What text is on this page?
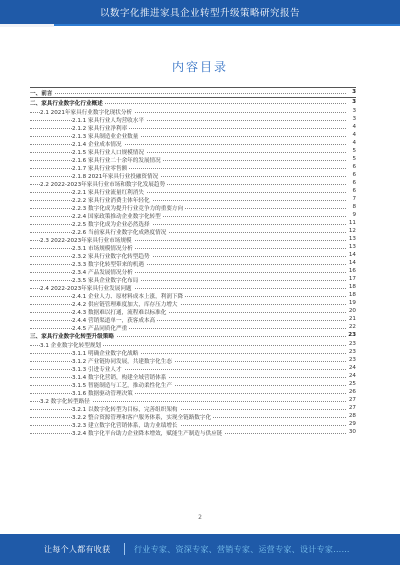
以数字化推进家具企业转型升级策略研究报告
内容目录
一、前言	3
二、家具行业数字化行业概述	3
2.1 2021年家具行业数字化现状分析	3
2.1.1 家具行业人均营收水平	3
2.1.2 家具行业净利率	4
2.1.3 家具制造业企业数量	4
2.1.4 企业成本情况	4
2.1.5 家具行业人口规模情况	5
2.1.6 家具行业二十余年的发展情况	5
2.1.7 家具行业零售额	6
2.1.8 2021年家具行业投融资情况	6
2.2 2022-2023年家具行业市场和数字化发展趋势	6
2.2.1 家具行业流量红利消失	6
2.2.2 家具行业消费主体年轻化	7
2.2.3 数字化成为提升行业竞争力的重要方向	8
2.2.4 国家政策推动企业数字化转型	9
2.2.5 数字化成为企业必然选择	11
2.2.6 当前家具行业数字化成熟度情况	12
2.3 2022-2023年家具行业市场规模	13
2.3.1 市场规模情况分析	13
2.3.2 家具行业数字化转型趋势	14
2.3.3 数字化转型带来的机遇	14
2.3.4 产品发展情况分析	16
2.3.5 家具企业数字化布局	17
2.4 2022-2023年家具行业发展问题	18
2.4.1 企业人力、原材料成本上涨，利润下降	18
2.4.2 供应链管理难度加大，库存压力增大	19
2.4.3 数据难以打通，流程难以标准化	20
2.4.4 营销渠道单一，获客成本高	21
2.4.5 产品同质化严重	22
三、家具行业数字化转型升级策略	23
3.1 企业数字化转型规划	23
3.1.1 明确企业数字化战略	23
3.1.2 产业链协同发展，共建数字化生态	23
3.1.3 引进专业人才	24
3.1.4 数字化营销，构建全域营销体系	24
3.1.5 智能制造与工艺，推动柔性化生产	25
3.1.6 数据驱动管理决策	26
3.2 数字化转型路径	27
3.2.1 以数字化转型为目标，完善组织架构	27
3.2.2 整合资源管理和客户服务体系，实现全链路数字化	28
3.2.3 建立数字化营销体系，助力业绩增长	29
3.2.4 数字化平台助力企业降本增效，赋能生产制造与供应链	30
2
让每个人都有收获	行业专家、资深专家、营销专家、运营专家、设计专家……
